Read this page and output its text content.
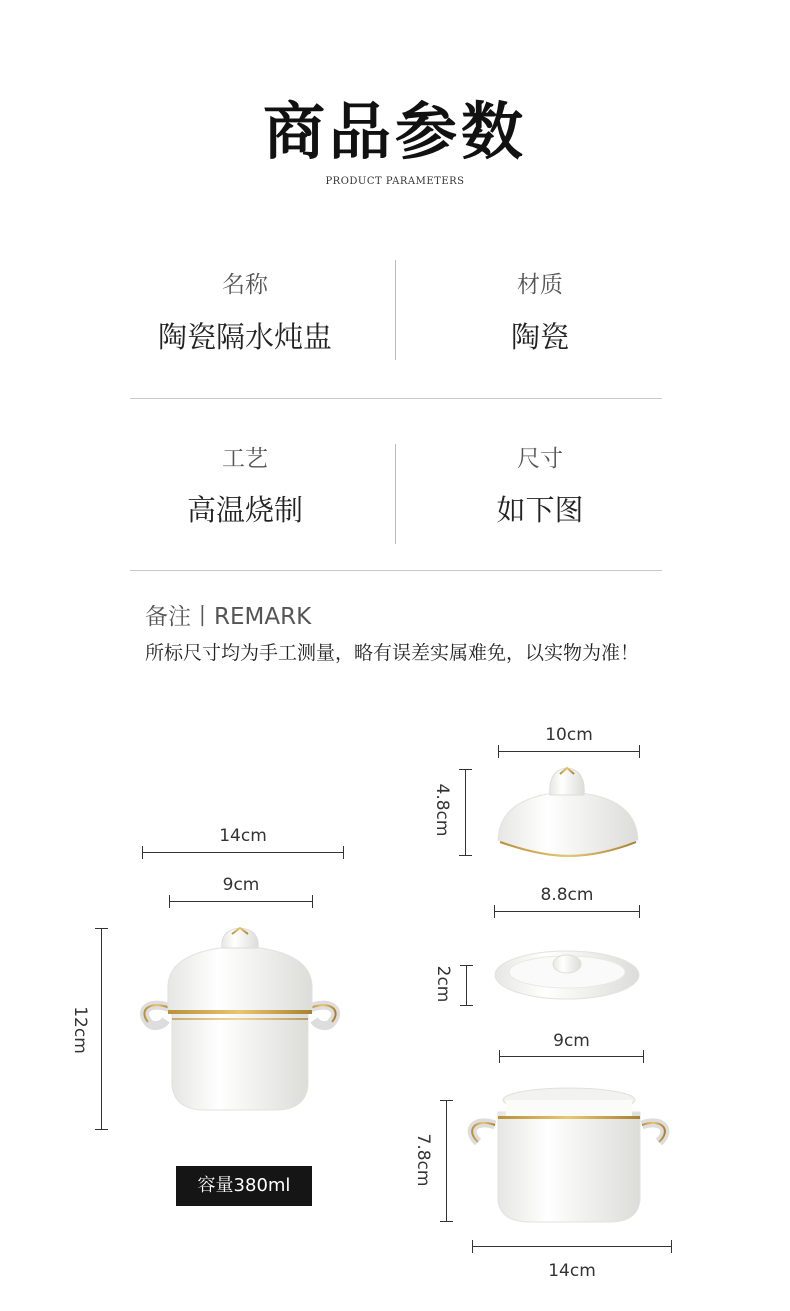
商品参数
PRODUCT PARAMETERS
名称
陶瓷隔水炖盅
材质
陶瓷
工艺
高温烧制
尺寸
如下图
备注丨REMARK
所标尺寸均为手工测量，略有误差实属难免，以实物为准！
14cm
9cm
12cm
容量380ml
10cm
4.8cm
8.8cm
2cm
9cm
7.8cm
14cm
